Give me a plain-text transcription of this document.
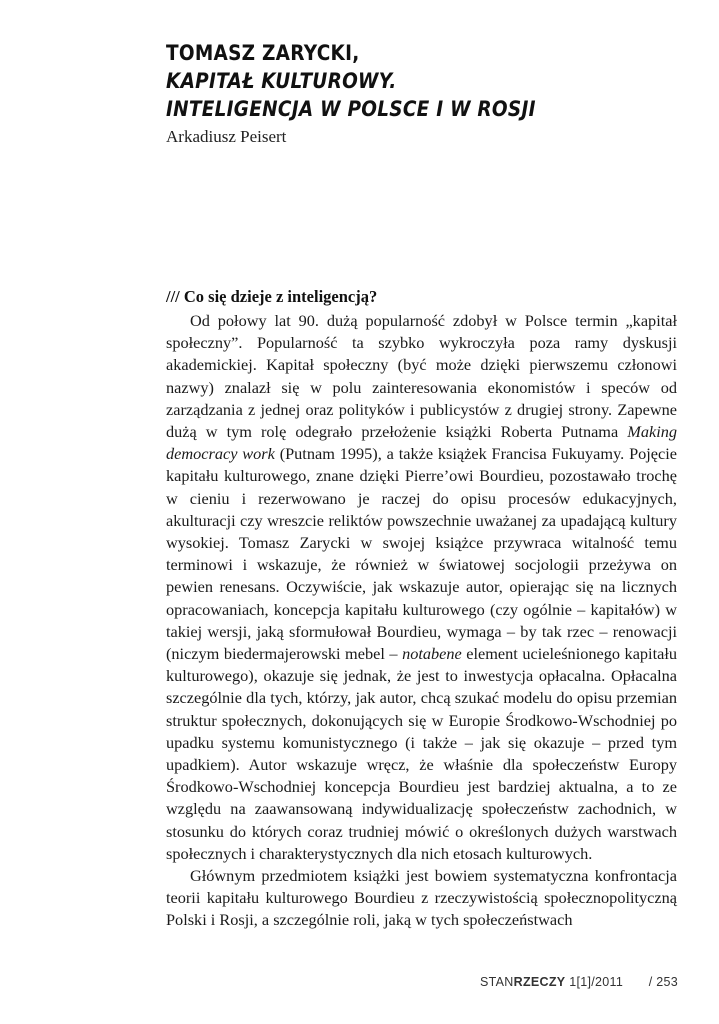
TOMASZ ZARYCKI,
KAPITAŁ KULTUROWY.
INTELIGENCJA W POLSCE I W ROSJI
Arkadiusz Peisert
/// Co się dzieje z inteligencją?

Od połowy lat 90. dużą popularność zdobył w Polsce termin „kapitał społeczny”. Popularność ta szybko wykroczyła poza ramy dyskusji akademickiej. Kapitał społeczny (być może dzięki pierwszemu członowi nazwy) znalazł się w polu zainteresowania ekonomistów i speców od zarządzania z jednej oraz polityków i publicystów z drugiej strony. Zapewne dużą w tym rolę odegrało przełożenie książki Roberta Putnama Making democracy work (Putnam 1995), a także książek Francisa Fukuyamy. Pojęcie kapitału kulturowego, znane dzięki Pierre’owi Bourdieu, pozostawało trochę w cieniu i rezerwowano je raczej do opisu procesów edukacyjnych, akulturacji czy wreszcie reliktów powszechnie uważanej za upadającą kultury wysokiej. Tomasz Zarycki w swojej książce przywraca witalność temu terminowi i wskazuje, że również w światowej socjologii przeżywa on pewien renesans. Oczywiście, jak wskazuje autor, opierając się na licznych opracowaniach, koncepcja kapitału kulturowego (czy ogólnie – kapitałów) w takiej wersji, jaką sformułował Bourdieu, wymaga – by tak rzec – renowacji (niczym biedermajerowski mebel – notabene element ucieleśnionego kapitału kulturowego), okazuje się jednak, że jest to inwestycja opłacalna. Opłacalna szczególnie dla tych, którzy, jak autor, chcą szukać modelu do opisu przemian struktur społecznych, dokonujących się w Europie Środkowo-Wschodniej po upadku systemu komunistycznego (i także – jak się okazuje – przed tym upadkiem). Autor wskazuje wręcz, że właśnie dla społeczeństw Europy Środkowo-Wschodniej koncepcja Bourdieu jest bardziej aktualna, a to ze względu na zaawansowaną indywidualizację społeczeństw zachodnich, w stosunku do których coraz trudniej mówić o określonych dużych warstwach społecznych i charakterystycznych dla nich etosach kulturowych.

Głównym przedmiotem książki jest bowiem systematyczna konfrontacja teorii kapitału kulturowego Bourdieu z rzeczywistością społecznopolityczną Polski i Rosji, a szczególnie roli, jaką w tych społeczeństwach

STANRZECZY 1[1]/2011 / 253
